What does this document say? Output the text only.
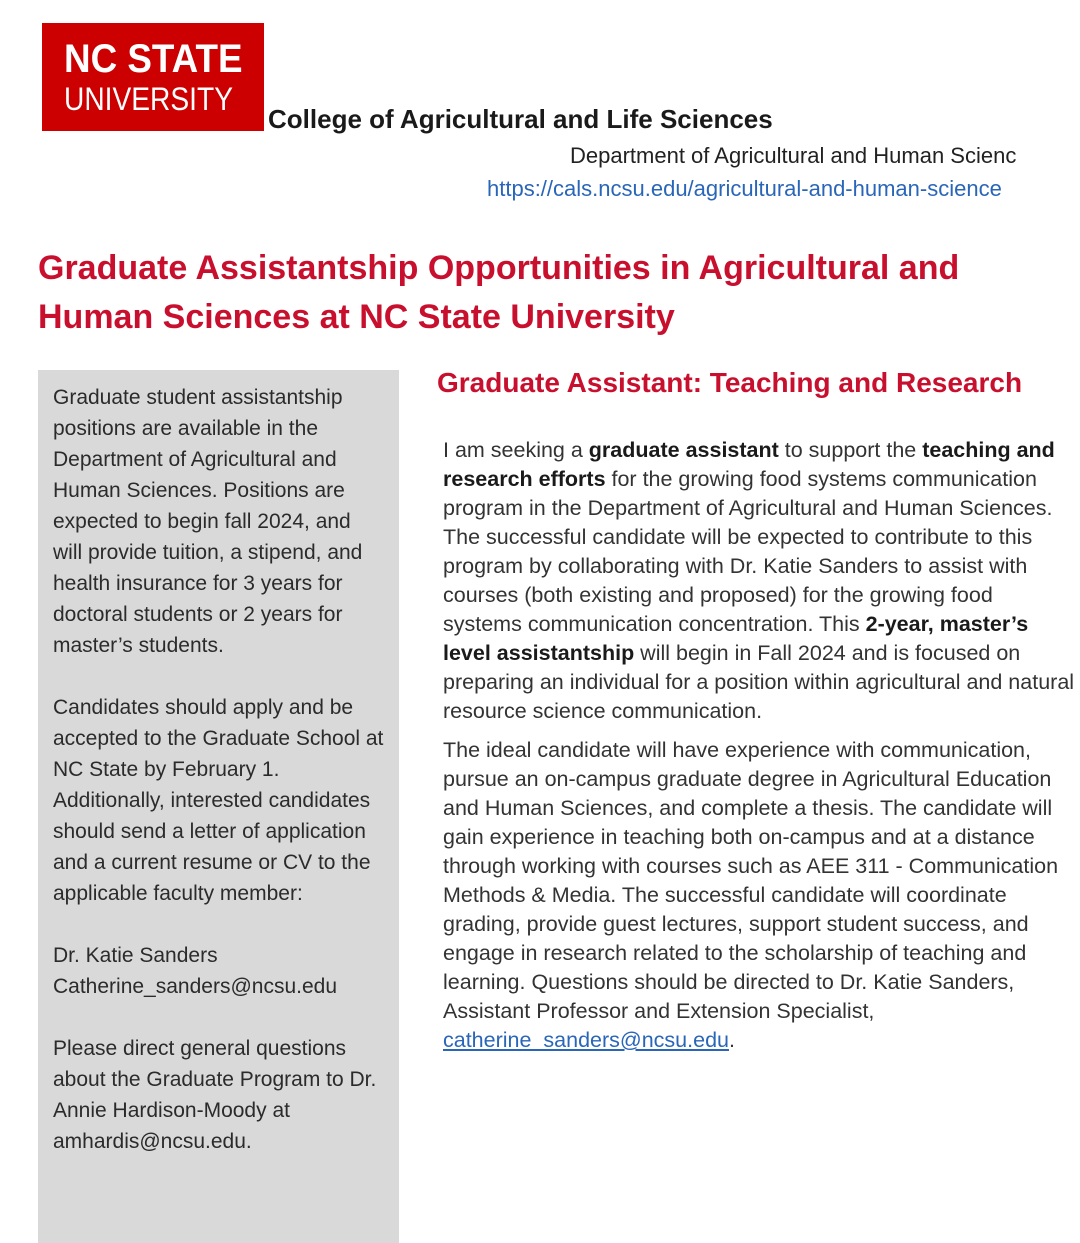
NC STATE
UNIVERSITY
College of Agricultural and Life Sciences
Department of Agricultural and Human Scienc
https://cals.ncsu.edu/agricultural-and-human-science
Graduate Assistantship Opportunities in Agricultural and Human Sciences at NC State University

Graduate student assistantship positions are available in the Department of Agricultural and Human Sciences. Positions are expected to begin fall 2024, and will provide tuition, a stipend, and health insurance for 3 years for doctoral students or 2 years for master’s students.

Candidates should apply and be accepted to the Graduate School at NC State by February 1. Additionally, interested candidates should send a letter of application and a current resume or CV to the applicable faculty member:

Dr. Katie Sanders

Catherine_sanders@ncsu.edu

Please direct general questions about the Graduate Program to Dr. Annie Hardison-Moody at amhardis@ncsu.edu.

Graduate Assistant: Teaching and Research

I am seeking a graduate assistant to support the teaching and research efforts for the growing food systems communication program in the Department of Agricultural and Human Sciences. The successful candidate will be expected to contribute to this program by collaborating with Dr. Katie Sanders to assist with courses (both existing and proposed) for the growing food systems communication concentration. This 2-year, master’s level assistantship will begin in Fall 2024 and is focused on preparing an individual for a position within agricultural and natural resource science communication.

The ideal candidate will have experience with communication, pursue an on-campus graduate degree in Agricultural Education and Human Sciences, and complete a thesis. The candidate will gain experience in teaching both on-campus and at a distance through working with courses such as AEE 311 - Communication Methods & Media. The successful candidate will coordinate grading, provide guest lectures, support student success, and engage in research related to the scholarship of teaching and learning. Questions should be directed to Dr. Katie Sanders, Assistant Professor and Extension Specialist, catherine_sanders@ncsu.edu.
